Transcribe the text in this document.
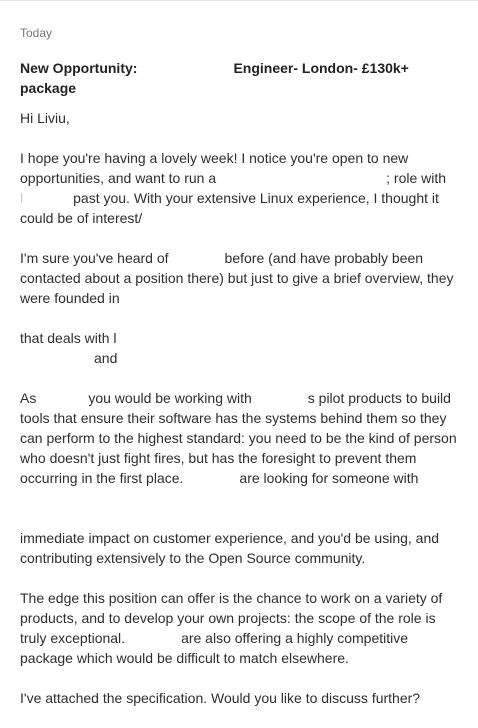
Today
New Opportunity:	Engineer- London- £130k+
package
Hi Liviu,
I hope you're having a lovely week! I notice you're open to new
opportunities, and want to run a	; role with
l	past you. With your extensive Linux experience, I thought it
could be of interest/
I'm sure you've heard of	before (and have probably been
contacted about a position there) but just to give a brief overview, they
were founded in
that deals with l
and
As	you would be working with	s pilot products to build
tools that ensure their software has the systems behind them so they
can perform to the highest standard: you need to be the kind of person
who doesn't just fight fires, but has the foresight to prevent them
occurring in the first place.	are looking for someone with
immediate impact on customer experience, and you'd be using, and
contributing extensively to the Open Source community.
The edge this position can offer is the chance to work on a variety of
products, and to develop your own projects: the scope of the role is
truly exceptional.	are also offering a highly competitive
package which would be difficult to match elsewhere.
I've attached the specification. Would you like to discuss further?
